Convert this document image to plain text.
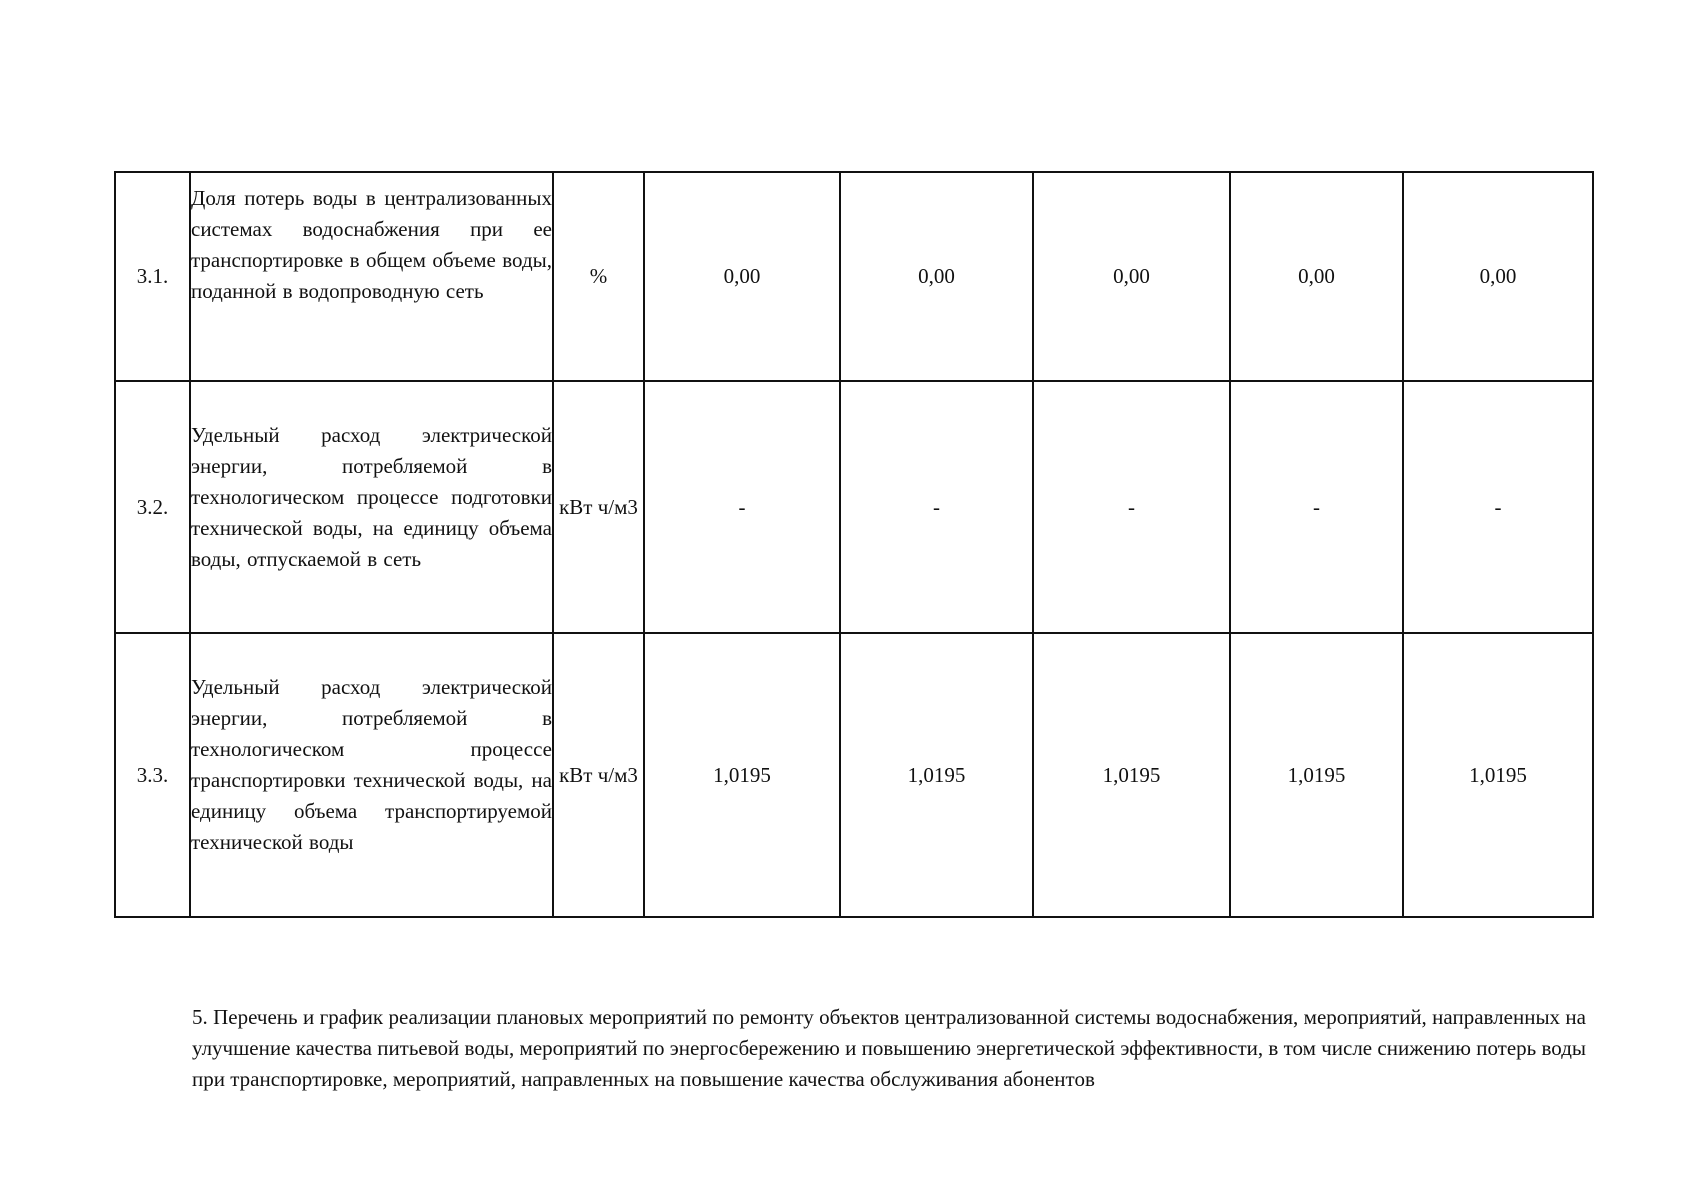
3.1.	Доля потерь воды в централизованных системах водоснабжения при ее транспортировке в общем объеме воды, поданной в водопроводную сеть	%	0,00	0,00	0,00	0,00	0,00
3.2.	Удельный расход электрической энергии, потребляемой в технологическом процессе подготовки технической воды, на единицу объема воды, отпускаемой в сеть	кВт ч/м3	-	-	-	-	-
3.3.	Удельный расход электрической энергии, потребляемой в технологическом процессе транспортировки технической воды, на единицу объема транспортируемой технической воды	кВт ч/м3	1,0195	1,0195	1,0195	1,0195	1,0195

5. Перечень и график реализации плановых мероприятий по ремонту объектов централизованной системы водоснабжения, мероприятий, направленных на улучшение качества питьевой воды, мероприятий по энергосбережению и повышению энергетической эффективности, в том числе снижению потерь воды при транспортировке, мероприятий, направленных на повышение качества обслуживания абонентов
